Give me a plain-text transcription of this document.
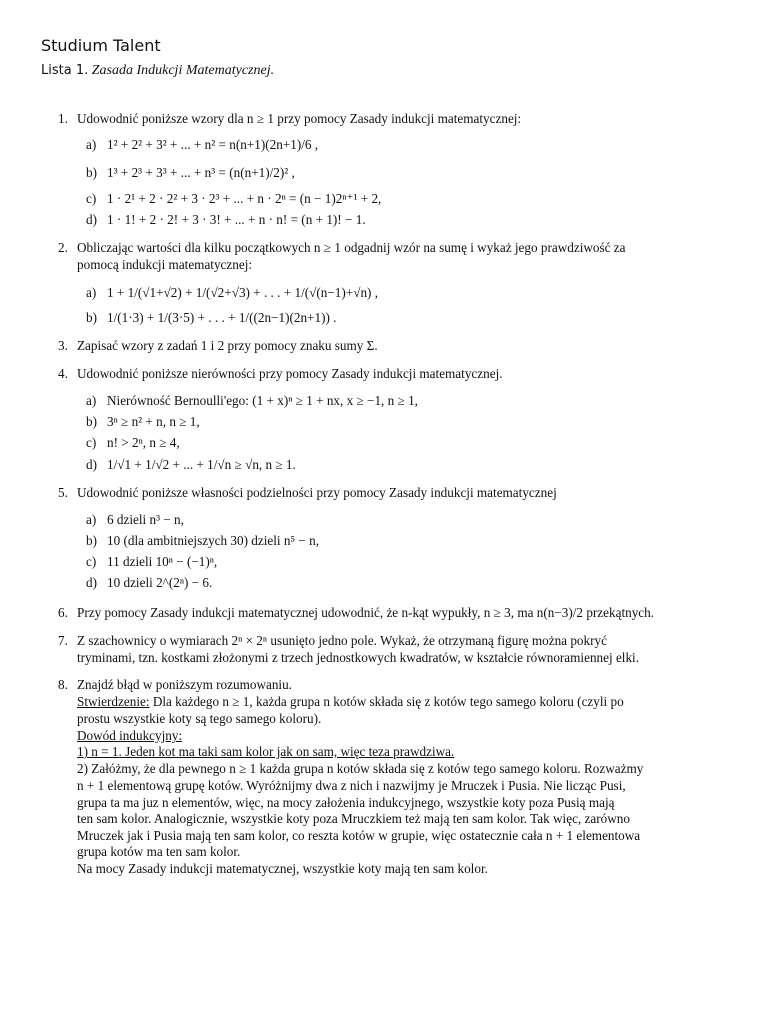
Studium Talent
Lista 1. Zasada Indukcji Matematycznej.
1. Udowodnić poniższe wzory dla n ≥ 1 przy pomocy Zasady indukcji matematycznej:
a) 1² + 2² + 3² + ... + n² = n(n+1)(2n+1)/6 ,
b) 1³ + 2³ + 3³ + ... + n³ = (n(n+1)/2)² ,
c) 1 · 2¹ + 2 · 2² + 3 · 2³ + ... + n · 2ⁿ = (n − 1)2ⁿ⁺¹ + 2,
d) 1 · 1! + 2 · 2! + 3 · 3! + ... + n · n! = (n + 1)! − 1.
2. Obliczając wartości dla kilku początkowych n ≥ 1 odgadnij wzór na sumę i wykaż jego prawdziwość za
pomocą indukcji matematycznej:
a) 1 + 1/(√1+√2) + 1/(√2+√3) + . . . + 1/(√(n−1)+√n) ,
b) 1/(1·3) + 1/(3·5) + . . . + 1/((2n−1)(2n+1)) .
3. Zapisać wzory z zadań 1 i 2 przy pomocy znaku sumy Σ.
4. Udowodnić poniższe nierówności przy pomocy Zasady indukcji matematycznej.
a) Nierówność Bernoulli'ego: (1 + x)ⁿ ≥ 1 + nx, x ≥ −1, n ≥ 1,
b) 3ⁿ ≥ n² + n, n ≥ 1,
c) n! > 2ⁿ, n ≥ 4,
d) 1/√1 + 1/√2 + ... + 1/√n ≥ √n, n ≥ 1.
5. Udowodnić poniższe własności podzielności przy pomocy Zasady indukcji matematycznej
a) 6 dzieli n³ − n,
b) 10 (dla ambitniejszych 30) dzieli n⁵ − n,
c) 11 dzieli 10ⁿ − (−1)ⁿ,
d) 10 dzieli 2^(2ⁿ) − 6.
6. Przy pomocy Zasady indukcji matematycznej udowodnić, że n-kąt wypukły, n ≥ 3, ma n(n−3)/2 przekątnych.
7. Z szachownicy o wymiarach 2ⁿ × 2ⁿ usunięto jedno pole. Wykaż, że otrzymaną figurę można pokryć
tryminami, tzn. kostkami złożonymi z trzech jednostkowych kwadratów, w kształcie równoramiennej elki.
8. Znajdź błąd w poniższym rozumowaniu.
Stwierdzenie: Dla każdego n ≥ 1, każda grupa n kotów składa się z kotów tego samego koloru (czyli po
prostu wszystkie koty są tego samego koloru).
Dowód indukcyjny:
1) n = 1. Jeden kot ma taki sam kolor jak on sam, więc teza prawdziwa.
2) Załóżmy, że dla pewnego n ≥ 1 każda grupa n kotów składa się z kotów tego samego koloru. Rozważmy
n + 1 elementową grupę kotów. Wyróżnijmy dwa z nich i nazwijmy je Mruczek i Pusia. Nie licząc Pusi,
grupa ta ma juz n elementów, więc, na mocy założenia indukcyjnego, wszystkie koty poza Pusią mają
ten sam kolor. Analogicznie, wszystkie koty poza Mruczkiem też mają ten sam kolor. Tak więc, zarówno
Mruczek jak i Pusia mają ten sam kolor, co reszta kotów w grupie, więc ostatecznie cała n + 1 elementowa
grupa kotów ma ten sam kolor.
Na mocy Zasady indukcji matematycznej, wszystkie koty mają ten sam kolor.
